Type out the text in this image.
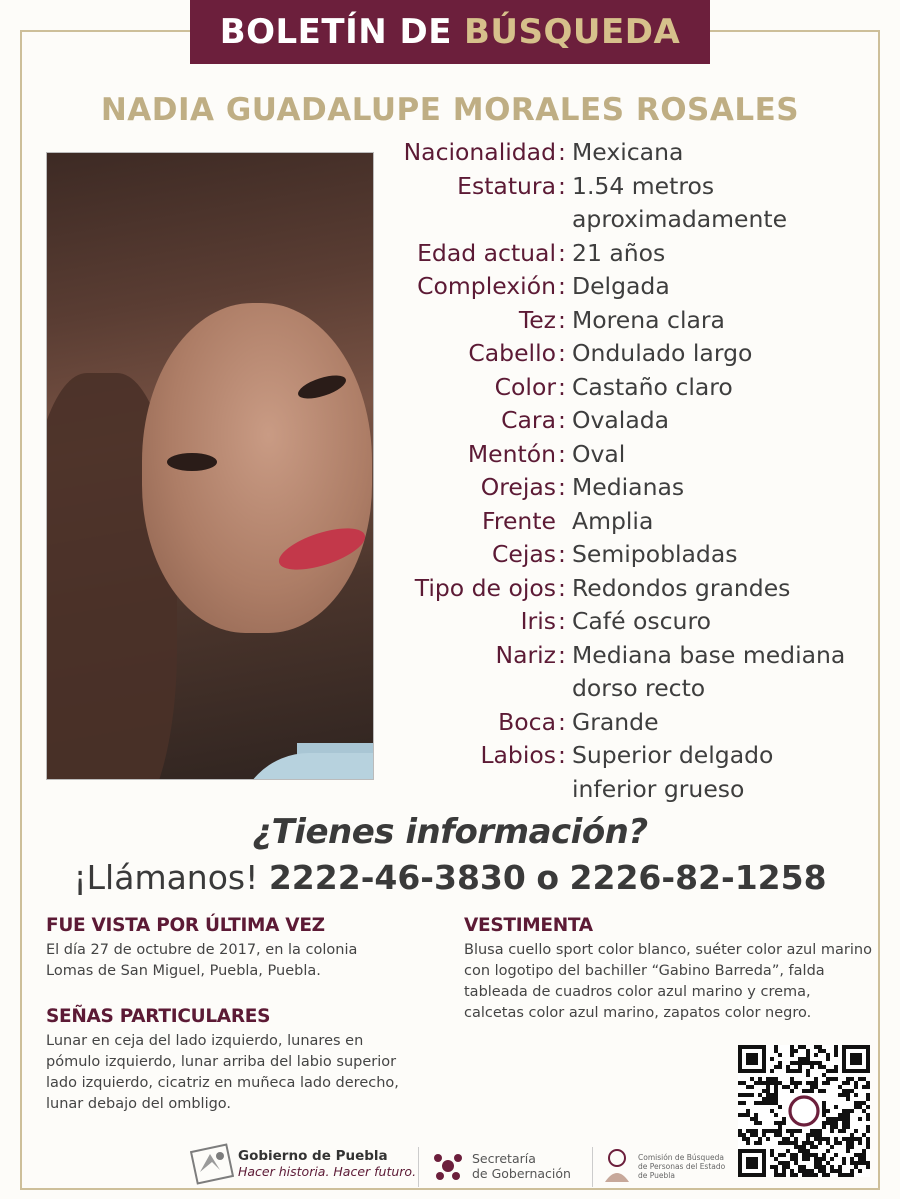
BOLETÍN DE BÚSQUEDA
NADIA GUADALUPE MORALES ROSALES
Nacionalidad : Mexicana
Estatura : 1.54 metros
aproximadamente
Edad actual : 21 años
Complexión : Delgada
Tez : Morena clara
Cabello : Ondulado largo
Color : Castaño claro
Cara : Ovalada
Mentón : Oval
Orejas : Medianas
Frente Amplia
Cejas : Semipobladas
Tipo de ojos : Redondos grandes
Iris : Café oscuro
Nariz : Mediana base mediana
dorso recto
Boca : Grande
Labios : Superior delgado
inferior grueso
¿Tienes información?
¡Llámanos! 2222-46-3830 o 2226-82-1258
FUE VISTA POR ÚLTIMA VEZ
El día 27 de octubre de 2017, en la colonia Lomas de San Miguel, Puebla, Puebla.
SEÑAS PARTICULARES
Lunar en ceja del lado izquierdo, lunares en pómulo izquierdo, lunar arriba del labio superior lado izquierdo, cicatriz en muñeca lado derecho, lunar debajo del ombligo.
VESTIMENTA
Blusa cuello sport color blanco, suéter color azul marino con logotipo del bachiller “Gabino Barreda”, falda tableada de cuadros color azul marino y crema, calcetas color azul marino, zapatos color negro.
Gobierno de Puebla
Hacer historia. Hacer futuro.
Secretaría
de Gobernación
Comisión de Búsqueda
de Personas del Estado
de Puebla
